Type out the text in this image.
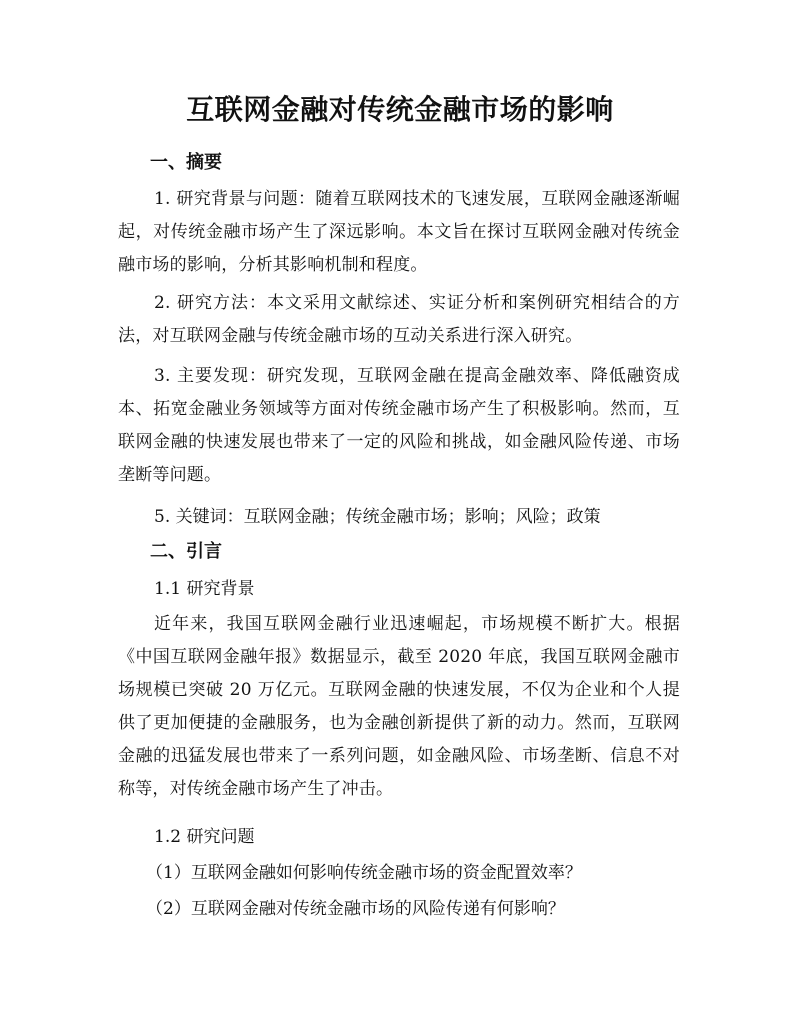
互联网金融对传统金融市场的影响
一、摘要
1. 研究背景与问题：随着互联网技术的飞速发展，互联网金融逐渐崛起，对传统金融市场产生了深远影响。本文旨在探讨互联网金融对传统金融市场的影响，分析其影响机制和程度。
2. 研究方法：本文采用文献综述、实证分析和案例研究相结合的方法，对互联网金融与传统金融市场的互动关系进行深入研究。
3. 主要发现：研究发现，互联网金融在提高金融效率、降低融资成本、拓宽金融业务领域等方面对传统金融市场产生了积极影响。然而，互联网金融的快速发展也带来了一定的风险和挑战，如金融风险传递、市场垄断等问题。
5. 关键词：互联网金融；传统金融市场；影响；风险；政策
二、引言
1.1 研究背景
近年来，我国互联网金融行业迅速崛起，市场规模不断扩大。根据《中国互联网金融年报》数据显示，截至 2020 年底，我国互联网金融市场规模已突破 20 万亿元。互联网金融的快速发展，不仅为企业和个人提供了更加便捷的金融服务，也为金融创新提供了新的动力。然而，互联网金融的迅猛发展也带来了一系列问题，如金融风险、市场垄断、信息不对称等，对传统金融市场产生了冲击。
1.2 研究问题
（1）互联网金融如何影响传统金融市场的资金配置效率？
（2）互联网金融对传统金融市场的风险传递有何影响？
